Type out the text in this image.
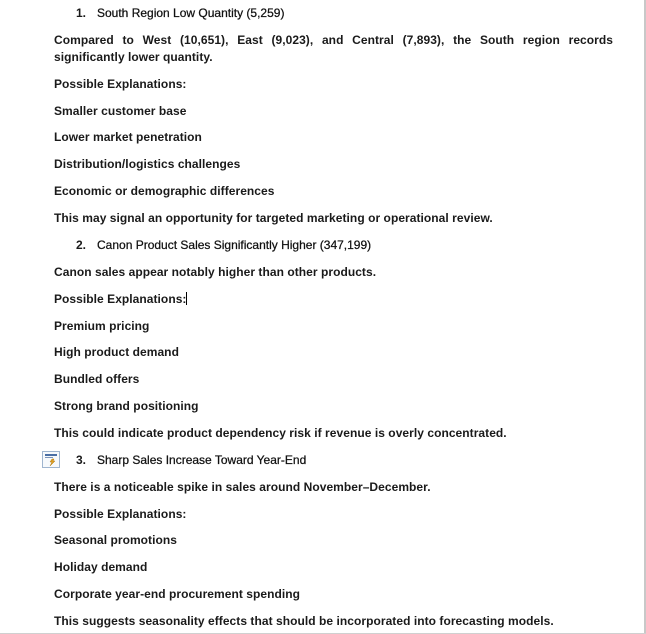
1. South Region Low Quantity (5,259)
Compared to West (10,651), East (9,023), and Central (7,893), the South region records significantly lower quantity.
Possible Explanations:
Smaller customer base
Lower market penetration
Distribution/logistics challenges
Economic or demographic differences
This may signal an opportunity for targeted marketing or operational review.
2. Canon Product Sales Significantly Higher (347,199)
Canon sales appear notably higher than other products.
Possible Explanations:
Premium pricing
High product demand
Bundled offers
Strong brand positioning
This could indicate product dependency risk if revenue is overly concentrated.
3. Sharp Sales Increase Toward Year-End
There is a noticeable spike in sales around November–December.
Possible Explanations:
Seasonal promotions
Holiday demand
Corporate year-end procurement spending
This suggests seasonality effects that should be incorporated into forecasting models.
